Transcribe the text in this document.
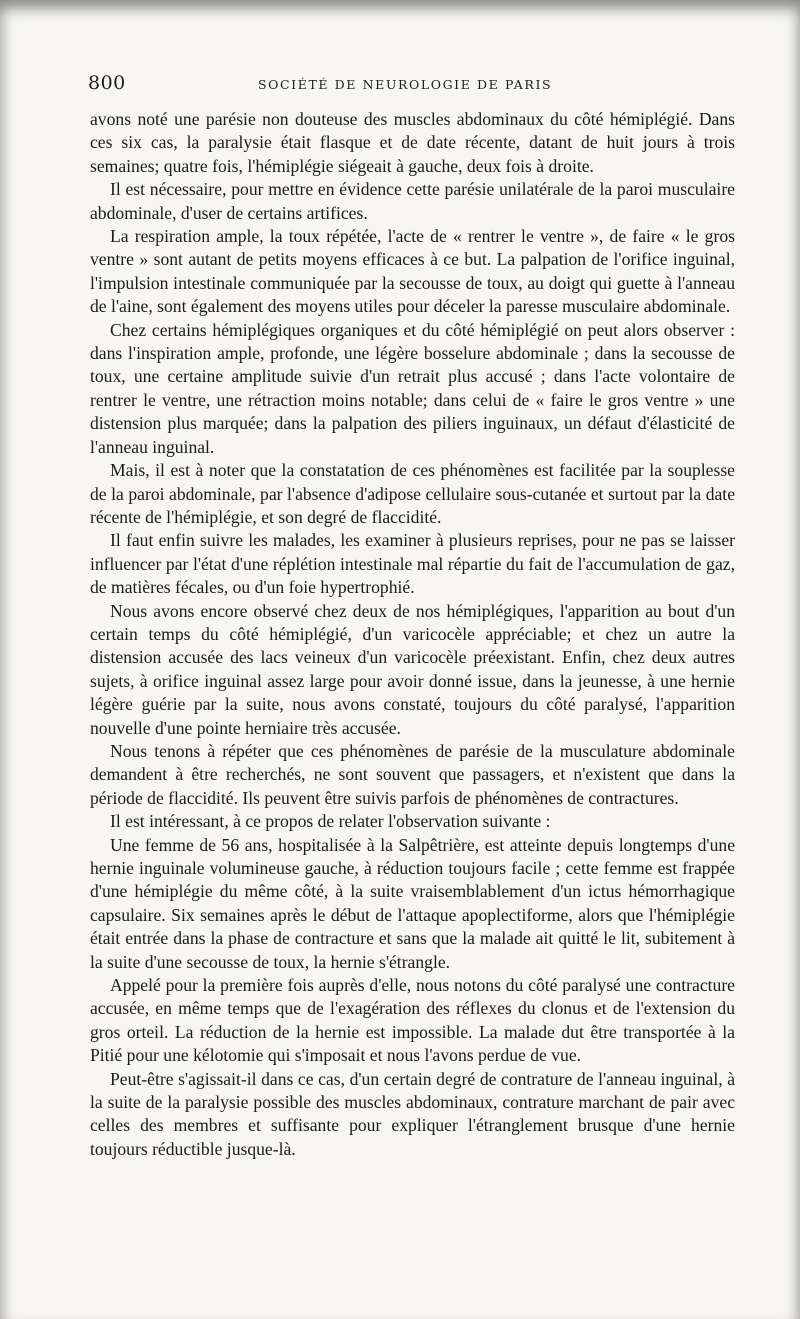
800	SOCIÉTÉ DE NEUROLOGIE DE PARIS

avons noté une parésie non douteuse des muscles abdominaux du côté hémiplégié. Dans ces six cas, la paralysie était flasque et de date récente, datant de huit jours à trois semaines; quatre fois, l'hémiplégie siégeait à gauche, deux fois à droite.

Il est nécessaire, pour mettre en évidence cette parésie unilatérale de la paroi musculaire abdominale, d'user de certains artifices.

La respiration ample, la toux répétée, l'acte de « rentrer le ventre », de faire « le gros ventre » sont autant de petits moyens efficaces à ce but. La palpation de l'orifice inguinal, l'impulsion intestinale communiquée par la secousse de toux, au doigt qui guette à l'anneau de l'aine, sont également des moyens utiles pour déceler la paresse musculaire abdominale.

Chez certains hémiplégiques organiques et du côté hémiplégié on peut alors observer : dans l'inspiration ample, profonde, une légère bosselure abdominale ; dans la secousse de toux, une certaine amplitude suivie d'un retrait plus accusé ; dans l'acte volontaire de rentrer le ventre, une rétraction moins notable; dans celui de « faire le gros ventre » une distension plus marquée; dans la palpation des piliers inguinaux, un défaut d'élasticité de l'anneau inguinal.

Mais, il est à noter que la constatation de ces phénomènes est facilitée par la souplesse de la paroi abdominale, par l'absence d'adipose cellulaire sous-cutanée et surtout par la date récente de l'hémiplégie, et son degré de flaccidité.

Il faut enfin suivre les malades, les examiner à plusieurs reprises, pour ne pas se laisser influencer par l'état d'une réplétion intestinale mal répartie du fait de l'accumulation de gaz, de matières fécales, ou d'un foie hypertrophié.

Nous avons encore observé chez deux de nos hémiplégiques, l'apparition au bout d'un certain temps du côté hémiplégié, d'un varicocèle appréciable; et chez un autre la distension accusée des lacs veineux d'un varicocèle préexistant. Enfin, chez deux autres sujets, à orifice inguinal assez large pour avoir donné issue, dans la jeunesse, à une hernie légère guérie par la suite, nous avons constaté, toujours du côté paralysé, l'apparition nouvelle d'une pointe herniaire très accusée.

Nous tenons à répéter que ces phénomènes de parésie de la musculature abdominale demandent à être recherchés, ne sont souvent que passagers, et n'existent que dans la période de flaccidité. Ils peuvent être suivis parfois de phénomènes de contractures.

Il est intéressant, à ce propos de relater l'observation suivante :

Une femme de 56 ans, hospitalisée à la Salpêtrière, est atteinte depuis longtemps d'une hernie inguinale volumineuse gauche, à réduction toujours facile ; cette femme est frappée d'une hémiplégie du même côté, à la suite vraisemblablement d'un ictus hémorrhagique capsulaire. Six semaines après le début de l'attaque apoplectiforme, alors que l'hémiplégie était entrée dans la phase de contracture et sans que la malade ait quitté le lit, subitement à la suite d'une secousse de toux, la hernie s'étrangle.

Appelé pour la première fois auprès d'elle, nous notons du côté paralysé une contracture accusée, en même temps que de l'exagération des réflexes du clonus et de l'extension du gros orteil. La réduction de la hernie est impossible. La malade dut être transportée à la Pitié pour une kélotomie qui s'imposait et nous l'avons perdue de vue.

Peut-être s'agissait-il dans ce cas, d'un certain degré de contrature de l'anneau inguinal, à la suite de la paralysie possible des muscles abdominaux, contrature marchant de pair avec celles des membres et suffisante pour expliquer l'étranglement brusque d'une hernie toujours réductible jusque-là.
